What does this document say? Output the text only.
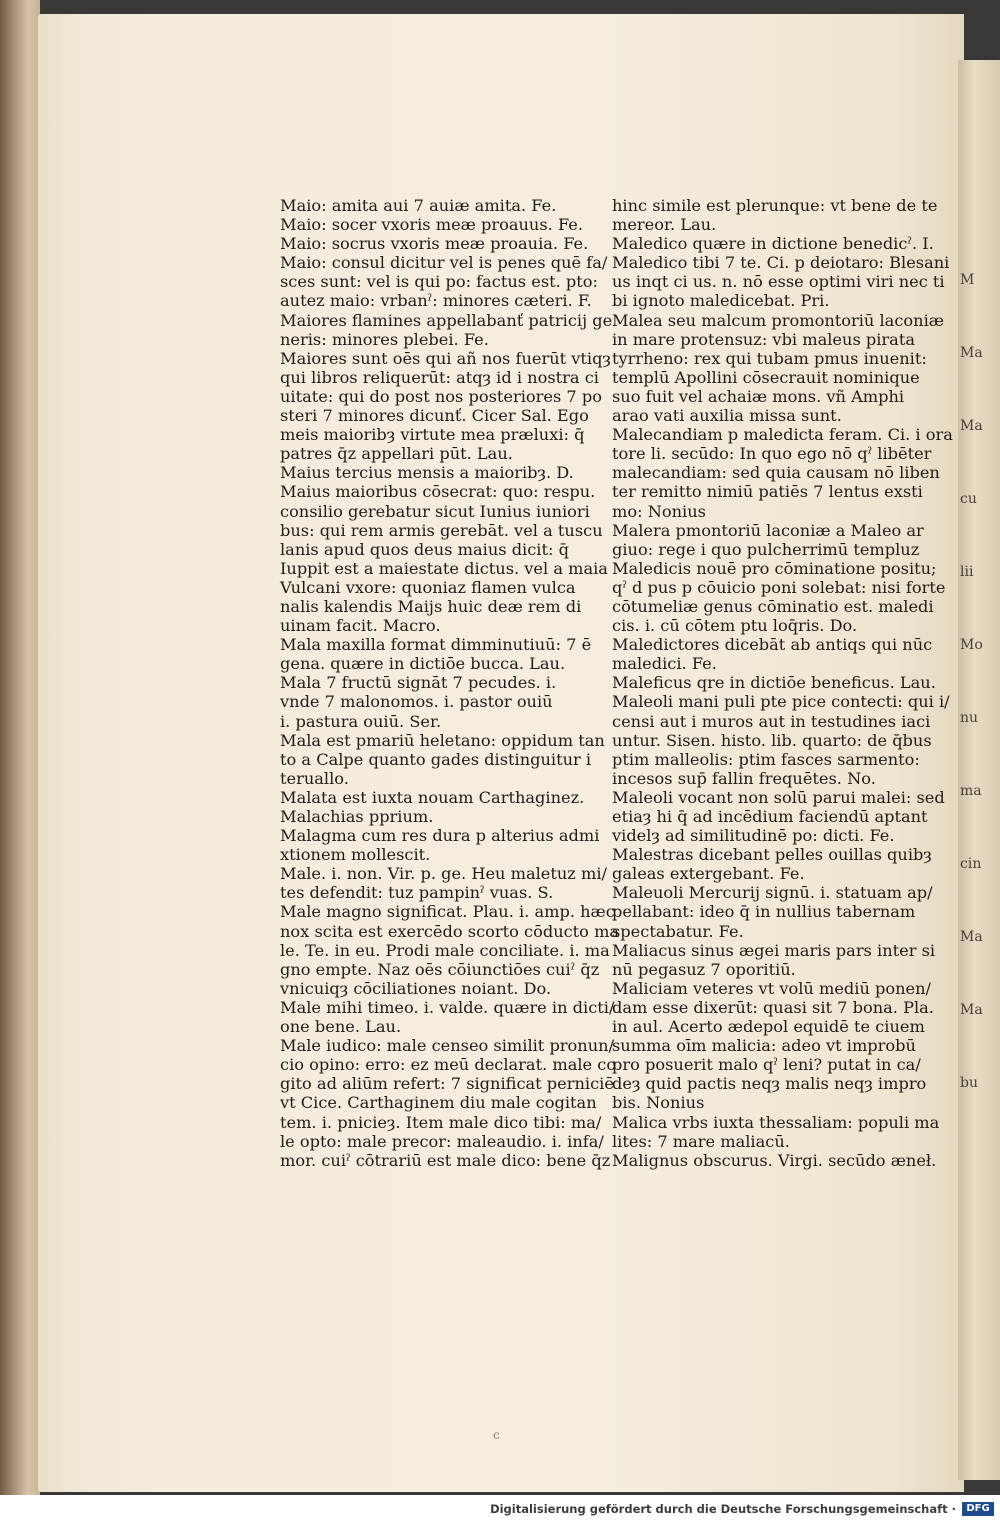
M
Ma
Ma
cu
lii
Mo
nu
ma
cin
Ma
Ma
bu
Maio: amita aui 7 auiæ amita. Fe.
Maio: socer vxoris meæ proauus. Fe.
Maio: socrus vxoris meæ proauia. Fe.
Maio: consul dicitur vel is penes quē fa/
sces sunt: vel is qui po: factus est. pto:
autez maio: vrbanˀ: minores cæteri. F.
Maiores flamines appellabanť patricij ge
neris: minores plebei. Fe.
Maiores sunt oēs qui añ nos fuerūt vtiqȝ
qui libros reliquerūt: atqȝ id i nostra ci
uitate: qui do post nos posteriores 7 po
steri 7 minores dicunť. Cicer Sal. Ego
meis maioribȝ virtute mea præluxi: q̄
patres q̄z appellari pūt. Lau.
Maius tercius mensis a maioribȝ. D.
Maius maioribus cōsecrat: quo: respu.
consilio gerebatur sicut Iunius iuniori
bus: qui rem armis gerebāt. vel a tuscu
lanis apud quos deus maius dicit: q̄
Iuppit est a maiestate dictus. vel a maia
Vulcani vxore: quoniaz flamen vulca
nalis kalendis Maijs huic deæ rem di
uinam facit. Macro.
Mala maxilla format dimminutiuū: 7 ē
gena. quære in dictiōe bucca. Lau.
Mala 7 fructū signāt 7 pecudes. i.
vnde 7 malonomos. i. pastor ouiū
i. pastura ouiū. Ser.
Mala est pmariū heletano: oppidum tan
to a Calpe quanto gades distinguitur i
teruallo.
Malata est iuxta nouam Carthaginez.
Malachias pprium.
Malagma cum res dura p alterius admi
xtionem mollescit.
Male. i. non. Vir. p. ge. Heu maletuz mi/
tes defendit: tuz pampinˀ vuas. S.
Male magno significat. Plau. i. amp. hæc
nox scita est exercēdo scorto cōducto ma
le. Te. in eu. Prodi male conciliate. i. ma
gno empte. Naz oēs cōiunctiōes cuiˀ q̄z
vnicuiqȝ cōciliationes noiant. Do.
Male mihi timeo. i. valde. quære in dicti/
one bene. Lau.
Male iudico: male censeo similit pronun/
cio opino: erro: ez meū declarat. male co
gito ad aliūm refert: 7 significat perniciē
vt Cice. Carthaginem diu male cogitan
tem. i. pnicieȝ. Item male dico tibi: ma/
le opto: male precor: maleaudio. i. infa/
mor. cuiˀ cōtrariū est male dico: bene q̄z
hinc simile est plerunque: vt bene de te
mereor. Lau.
Maledico quære in dictione benedicˀ. I.
Maledico tibi 7 te. Ci. p deiotaro: Blesani
us inqt ci us. n. nō esse optimi viri nec ti
bi ignoto maledicebat. Pri.
Malea seu malcum promontoriū laconiæ
in mare protensuz: vbi maleus pirata
tyrrheno: rex qui tubam pmus inuenit:
templū Apollini cōsecrauit nominique
suo fuit vel achaiæ mons. vñ Amphi
arao vati auxilia missa sunt.
Malecandiam p maledicta feram. Ci. i ora
tore li. secūdo: In quo ego nō qˀ libēter
malecandiam: sed quia causam nō liben
ter remitto nimiū patiēs 7 lentus exsti
mo: Nonius
Malera pmontoriū laconiæ a Maleo ar
giuo: rege i quo pulcherrimū templuz
Maledicis nouē pro cōminatione positu;
qˀ d pus p cōuicio poni solebat: nisi forte
cōtumeliæ genus cōminatio est. maledi
cis. i. cū cōtem ptu loq̄ris. Do.
Maledictores dicebāt ab antiqs qui nūc
maledici. Fe.
Maleficus qre in dictiōe beneficus. Lau.
Maleoli mani puli pte pice contecti: qui i/
censi aut i muros aut in testudines iaci
untur. Sisen. histo. lib. quarto: de q̄bus
ptim malleolis: ptim fasces sarmento:
incesos sup̄ fallin frequētes. No.
Maleoli vocant non solū parui malei: sed
etiaȝ hi q̄ ad incēdium faciendū aptant
videlȝ ad similitudinē po: dicti. Fe.
Malestras dicebant pelles ouillas quibȝ
galeas extergebant. Fe.
Maleuoli Mercurij signū. i. statuam ap/
pellabant: ideo q̄ in nullius tabernam
spectabatur. Fe.
Maliacus sinus ægei maris pars inter si
nū pegasuz 7 oporitiū.
Maliciam veteres vt volū mediū ponen/
dam esse dixerūt: quasi sit 7 bona. Pla.
in aul. Acerto ædepol equidē te ciuem
summa oīm malicia: adeo vt improbū
pro posuerit malo qˀ leni? putat in ca/
deȝ quid pactis neqȝ malis neqȝ impro
bis. Nonius
Malica vrbs iuxta thessaliam: populi ma
lites: 7 mare maliacū.
Malignus obscurus. Virgi. secūdo æneł.
c
Digitalisierung gefördert durch die Deutsche Forschungsgemeinschaft ·	DFG
